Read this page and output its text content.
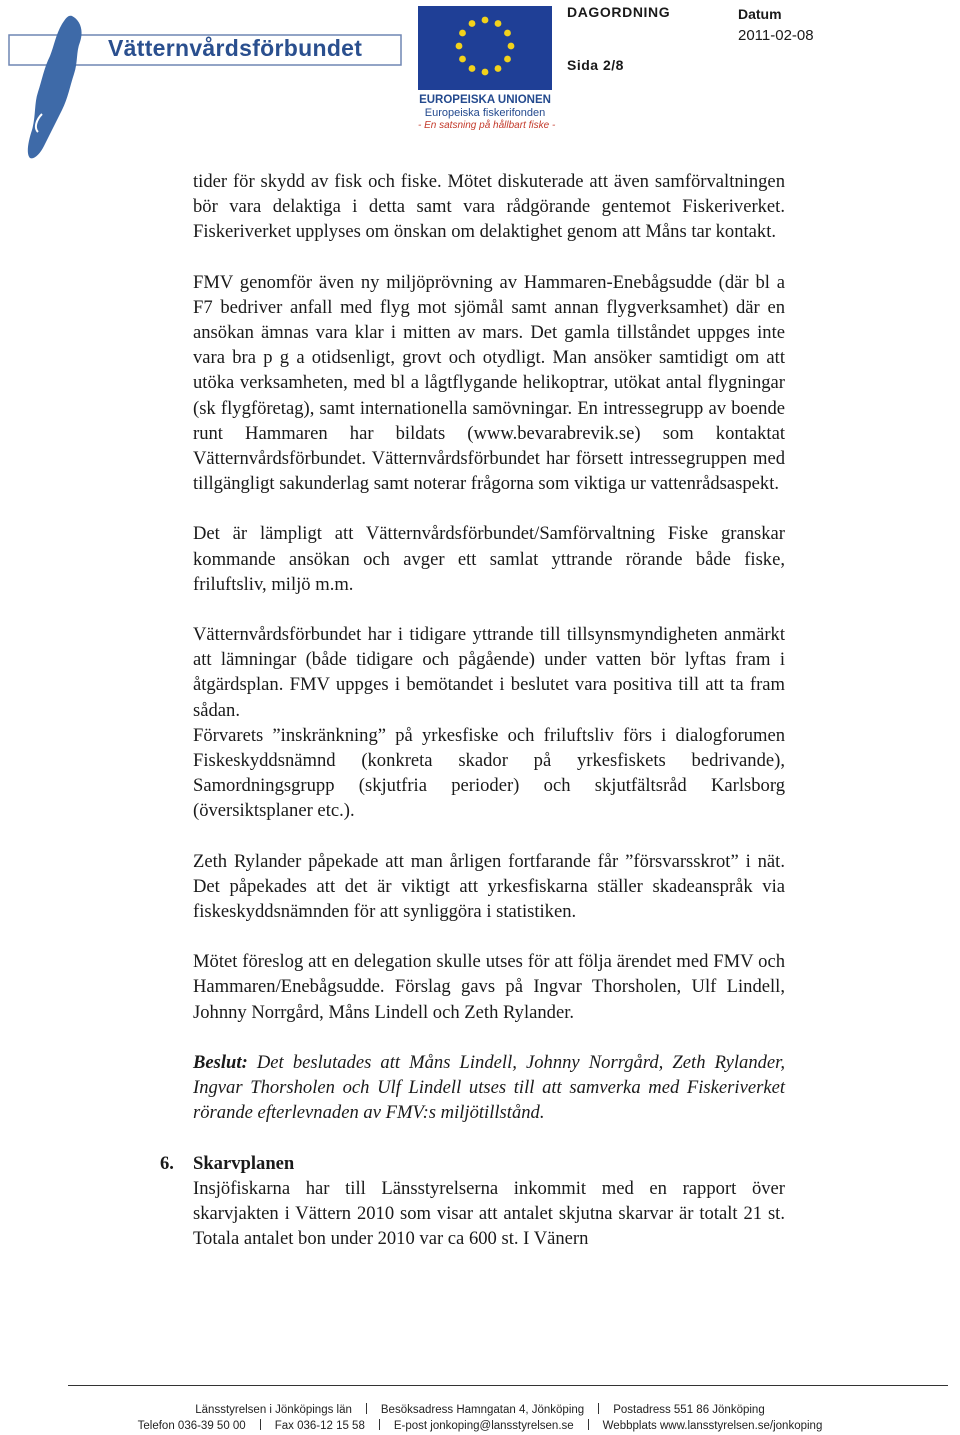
Vätternvårdsförbundet
EUROPEISKA UNIONEN
Europeiska fiskerifonden
- En satsning på hållbart fiske -
DAGORDNING	Datum
2011-02-08
Sida 2/8

tider för skydd av fisk och fiske. Mötet diskuterade att även samförvaltningen bör vara delaktiga i detta samt vara rådgörande gentemot Fiskeriverket. Fiskeriverket upplyses om önskan om delaktighet genom att Måns tar kontakt.

FMV genomför även ny miljöprövning av Hammaren-Enebågsudde (där bl a F7 bedriver anfall med flyg mot sjömål samt annan flygverksamhet) där en ansökan ämnas vara klar i mitten av mars. Det gamla tillståndet uppges inte vara bra p g a otidsenligt, grovt och otydligt. Man ansöker samtidigt om att utöka verksamheten, med bl a lågtflygande helikoptrar, utökat antal flygningar (sk flygföretag), samt internationella samövningar. En intressegrupp av boende runt Hammaren har bildats (www.bevarabrevik.se) som kontaktat Vätternvårdsförbundet. Vätternvårdsförbundet har försett intressegruppen med tillgängligt sakunderlag samt noterar frågorna som viktiga ur vattenrådsaspekt.

Det är lämpligt att Vätternvårdsförbundet/Samförvaltning Fiske granskar kommande ansökan och avger ett samlat yttrande rörande både fiske, friluftsliv, miljö m.m.

Vätternvårdsförbundet har i tidigare yttrande till tillsynsmyndigheten anmärkt att lämningar (både tidigare och pågående) under vatten bör lyftas fram i åtgärdsplan. FMV uppges i bemötandet i beslutet vara positiva till att ta fram sådan.

Förvarets ”inskränkning” på yrkesfiske och friluftsliv förs i dialogforumen Fiskeskyddsnämnd (konkreta skador på yrkesfiskets bedrivande), Samordningsgrupp (skjutfria perioder) och skjutfältsråd Karlsborg (översiktsplaner etc.).

Zeth Rylander påpekade att man årligen fortfarande får ”försvarsskrot” i nät. Det påpekades att det är viktigt att yrkesfiskarna ställer skadeanspråk via fiskeskyddsnämnden för att synliggöra i statistiken.

Mötet föreslog att en delegation skulle utses för att följa ärendet med FMV och Hammaren/Enebågsudde. Förslag gavs på Ingvar Thorsholen, Ulf Lindell, Johnny Norrgård, Måns Lindell och Zeth Rylander.

Beslut: Det beslutades att Måns Lindell, Johnny Norrgård, Zeth Rylander, Ingvar Thorsholen och Ulf Lindell utses till att samverka med Fiskeriverket rörande efterlevnaden av FMV:s miljötillstånd.

6. Skarvplanen

Insjöfiskarna har till Länsstyrelserna inkommit med en rapport över skarvjakten i Vättern 2010 som visar att antalet skjutna skarvar är totalt 21 st. Totala antalet bon under 2010 var ca 600 st. I Vänern

Länsstyrelsen i Jönköpings län	Besöksadress Hamngatan 4, Jönköping	Postadress 551 86 Jönköping
Telefon 036-39 50 00	Fax 036-12 15 58	E-post jonkoping@lansstyrelsen.se	Webbplats www.lansstyrelsen.se/jonkoping
